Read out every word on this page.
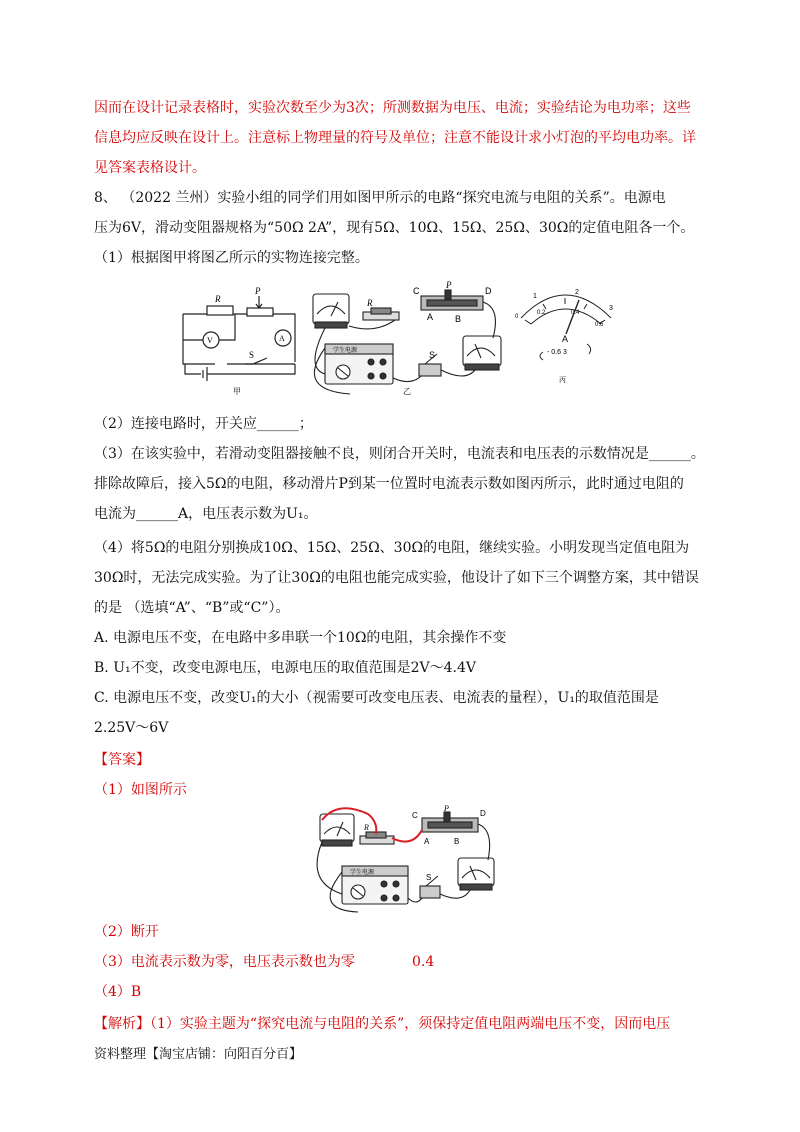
因而在设计记录表格时，实验次数至少为3次；所测数据为电压、电流；实验结论为电功率；这些
信息均应反映在设计上。注意标上物理量的符号及单位；注意不能设计求小灯泡的平均电功率。详
见答案表格设计。
8、 （2022 兰州）实验小组的同学们用如图甲所示的电路“探究电流与电阻的关系”。电源电
压为6V，滑动变阻器规格为“50Ω 2A”，现有5Ω、10Ω、15Ω、25Ω、30Ω的定值电阻各一个。
（1）根据图甲将图乙所示的实物连接完整。
R
P
V	A
S
甲
R
P
C	D
A B
S
学生电源
乙
1
2
3
0
0.2	0.4
0.6
A
- 0.6 3
丙
（2）连接电路时，开关应______；
（3）在该实验中，若滑动变阻器接触不良，则闭合开关时，电流表和电压表的示数情况是______。
排除故障后，接入5Ω的电阻，移动滑片P到某一位置时电流表示数如图丙所示，此时通过电阻的
电流为______A，电压表示数为U₁。
（4）将5Ω的电阻分别换成10Ω、15Ω、25Ω、30Ω的电阻，继续实验。小明发现当定值电阻为
30Ω时，无法完成实验。为了让30Ω的电阻也能完成实验，他设计了如下三个调整方案，其中错误
的是 （选填“A”、“B”或“C”）。
A. 电源电压不变，在电路中多串联一个10Ω的电阻，其余操作不变
B. U₁不变，改变电源电压，电源电压的取值范围是2V～4.4V
C. 电源电压不变，改变U₁的大小（视需要可改变电压表、电流表的量程），U₁的取值范围是
2.25V～6V
【答案】
（1）如图所示
R
P
C	D
A	B
S
学生电源
（2）断开
（3）电流表示数为零，电压表示数也为零	0.4
（4）B
【解析】（1）实验主题为“探究电流与电阻的关系”，须保持定值电阻两端电压不变，因而电压
资料整理【淘宝店铺：向阳百分百】
